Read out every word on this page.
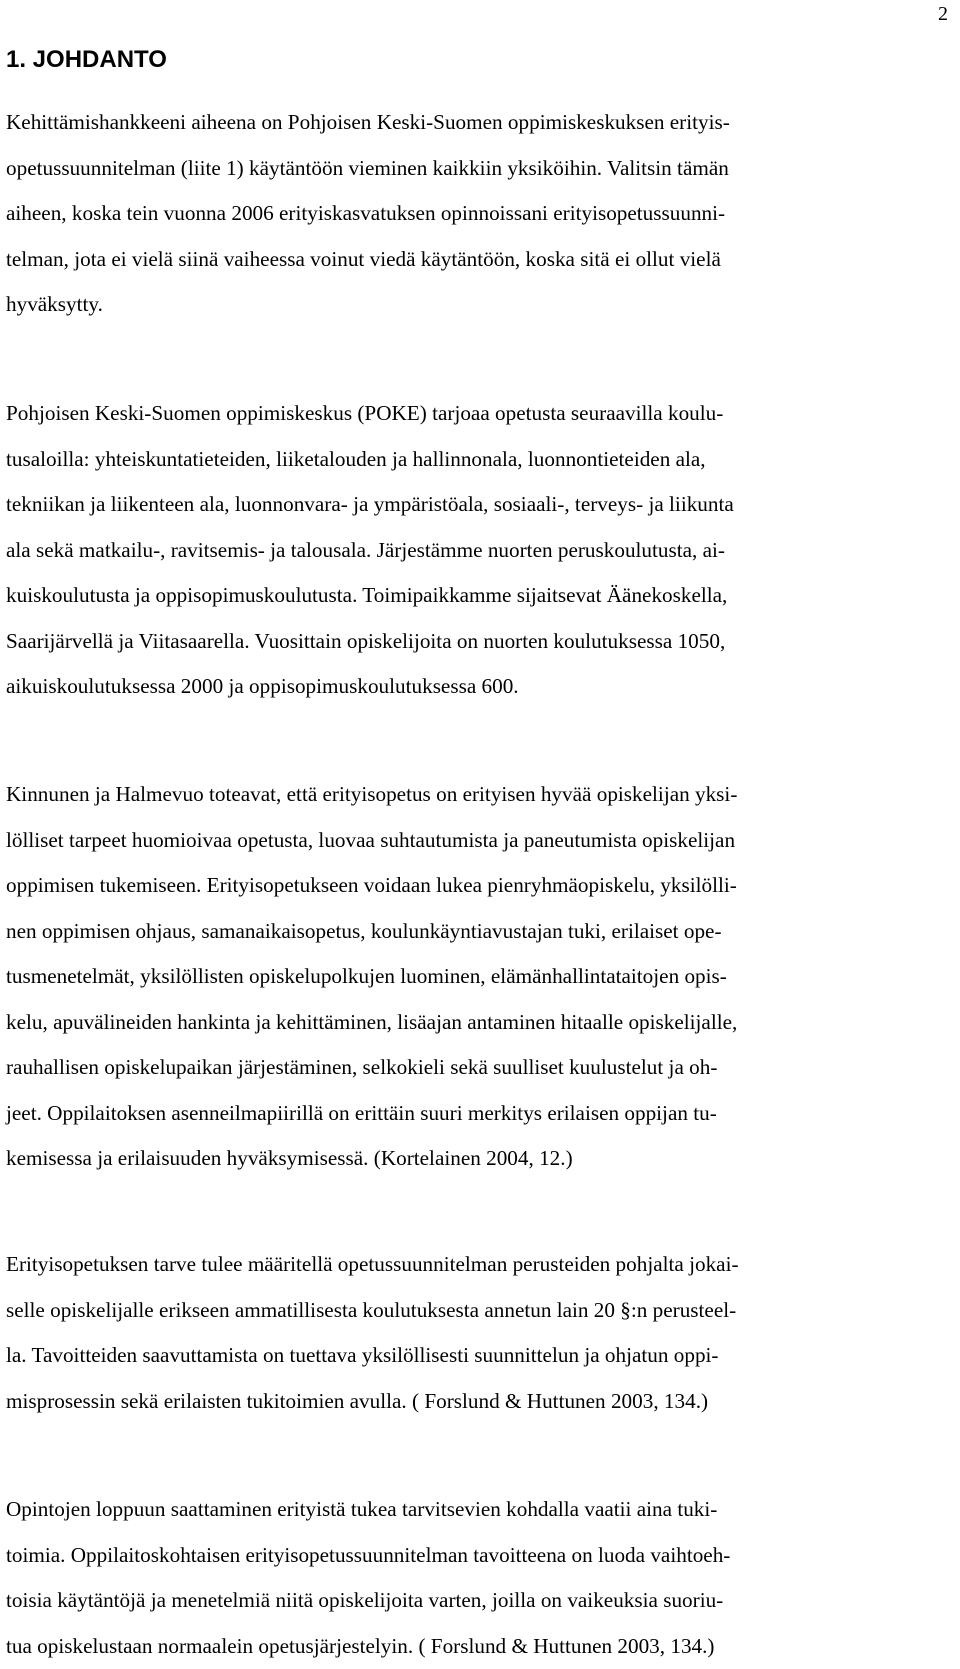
2
1. JOHDANTO

Kehittämishankkeeni aiheena on Pohjoisen Keski-Suomen oppimiskeskuksen erityis-
opetussuunnitelman (liite 1) käytäntöön vieminen kaikkiin yksiköihin. Valitsin tämän
aiheen, koska tein vuonna 2006 erityiskasvatuksen opinnoissani erityisopetussuunni-
telman, jota ei vielä siinä vaiheessa voinut viedä käytäntöön, koska sitä ei ollut vielä
hyväksytty.

Pohjoisen Keski-Suomen oppimiskeskus (POKE) tarjoaa opetusta seuraavilla koulu-
tusaloilla: yhteiskuntatieteiden, liiketalouden ja hallinnonala, luonnontieteiden ala,
tekniikan ja liikenteen ala, luonnonvara- ja ympäristöala, sosiaali-, terveys- ja liikunta
ala sekä matkailu-, ravitsemis- ja talousala. Järjestämme nuorten peruskoulutusta, ai-
kuiskoulutusta ja oppisopimuskoulutusta. Toimipaikkamme sijaitsevat Äänekoskella,
Saarijärvellä ja Viitasaarella. Vuosittain opiskelijoita on nuorten koulutuksessa 1050,
aikuiskoulutuksessa 2000 ja oppisopimuskoulutuksessa 600.

Kinnunen ja Halmevuo toteavat, että erityisopetus on erityisen hyvää opiskelijan yksi-
lölliset tarpeet huomioivaa opetusta, luovaa suhtautumista ja paneutumista opiskelijan
oppimisen tukemiseen. Erityisopetukseen voidaan lukea pienryhmäopiskelu, yksilölli-
nen oppimisen ohjaus, samanaikaisopetus, koulunkäyntiavustajan tuki, erilaiset ope-
tusmenetelmät, yksilöllisten opiskelupolkujen luominen, elämänhallintataitojen opis-
kelu, apuvälineiden hankinta ja kehittäminen, lisäajan antaminen hitaalle opiskelijalle,
rauhallisen opiskelupaikan järjestäminen, selkokieli sekä suulliset kuulustelut ja oh-
jeet. Oppilaitoksen asenneilmapiirillä on erittäin suuri merkitys erilaisen oppijan tu-
kemisessa ja erilaisuuden hyväksymisessä. (Kortelainen 2004, 12.)

Erityisopetuksen tarve tulee määritellä opetussuunnitelman perusteiden pohjalta jokai-
selle opiskelijalle erikseen ammatillisesta koulutuksesta annetun lain 20 §:n perusteel-
la. Tavoitteiden saavuttamista on tuettava yksilöllisesti suunnittelun ja ohjatun oppi-
misprosessin sekä erilaisten tukitoimien avulla. ( Forslund & Huttunen 2003, 134.)

Opintojen loppuun saattaminen erityistä tukea tarvitsevien kohdalla vaatii aina tuki-
toimia. Oppilaitoskohtaisen erityisopetussuunnitelman tavoitteena on luoda vaihtoeh-
toisia käytäntöjä ja menetelmiä niitä opiskelijoita varten, joilla on vaikeuksia suoriu-
tua opiskelustaan normaalein opetusjärjestelyin. ( Forslund & Huttunen 2003, 134.)
